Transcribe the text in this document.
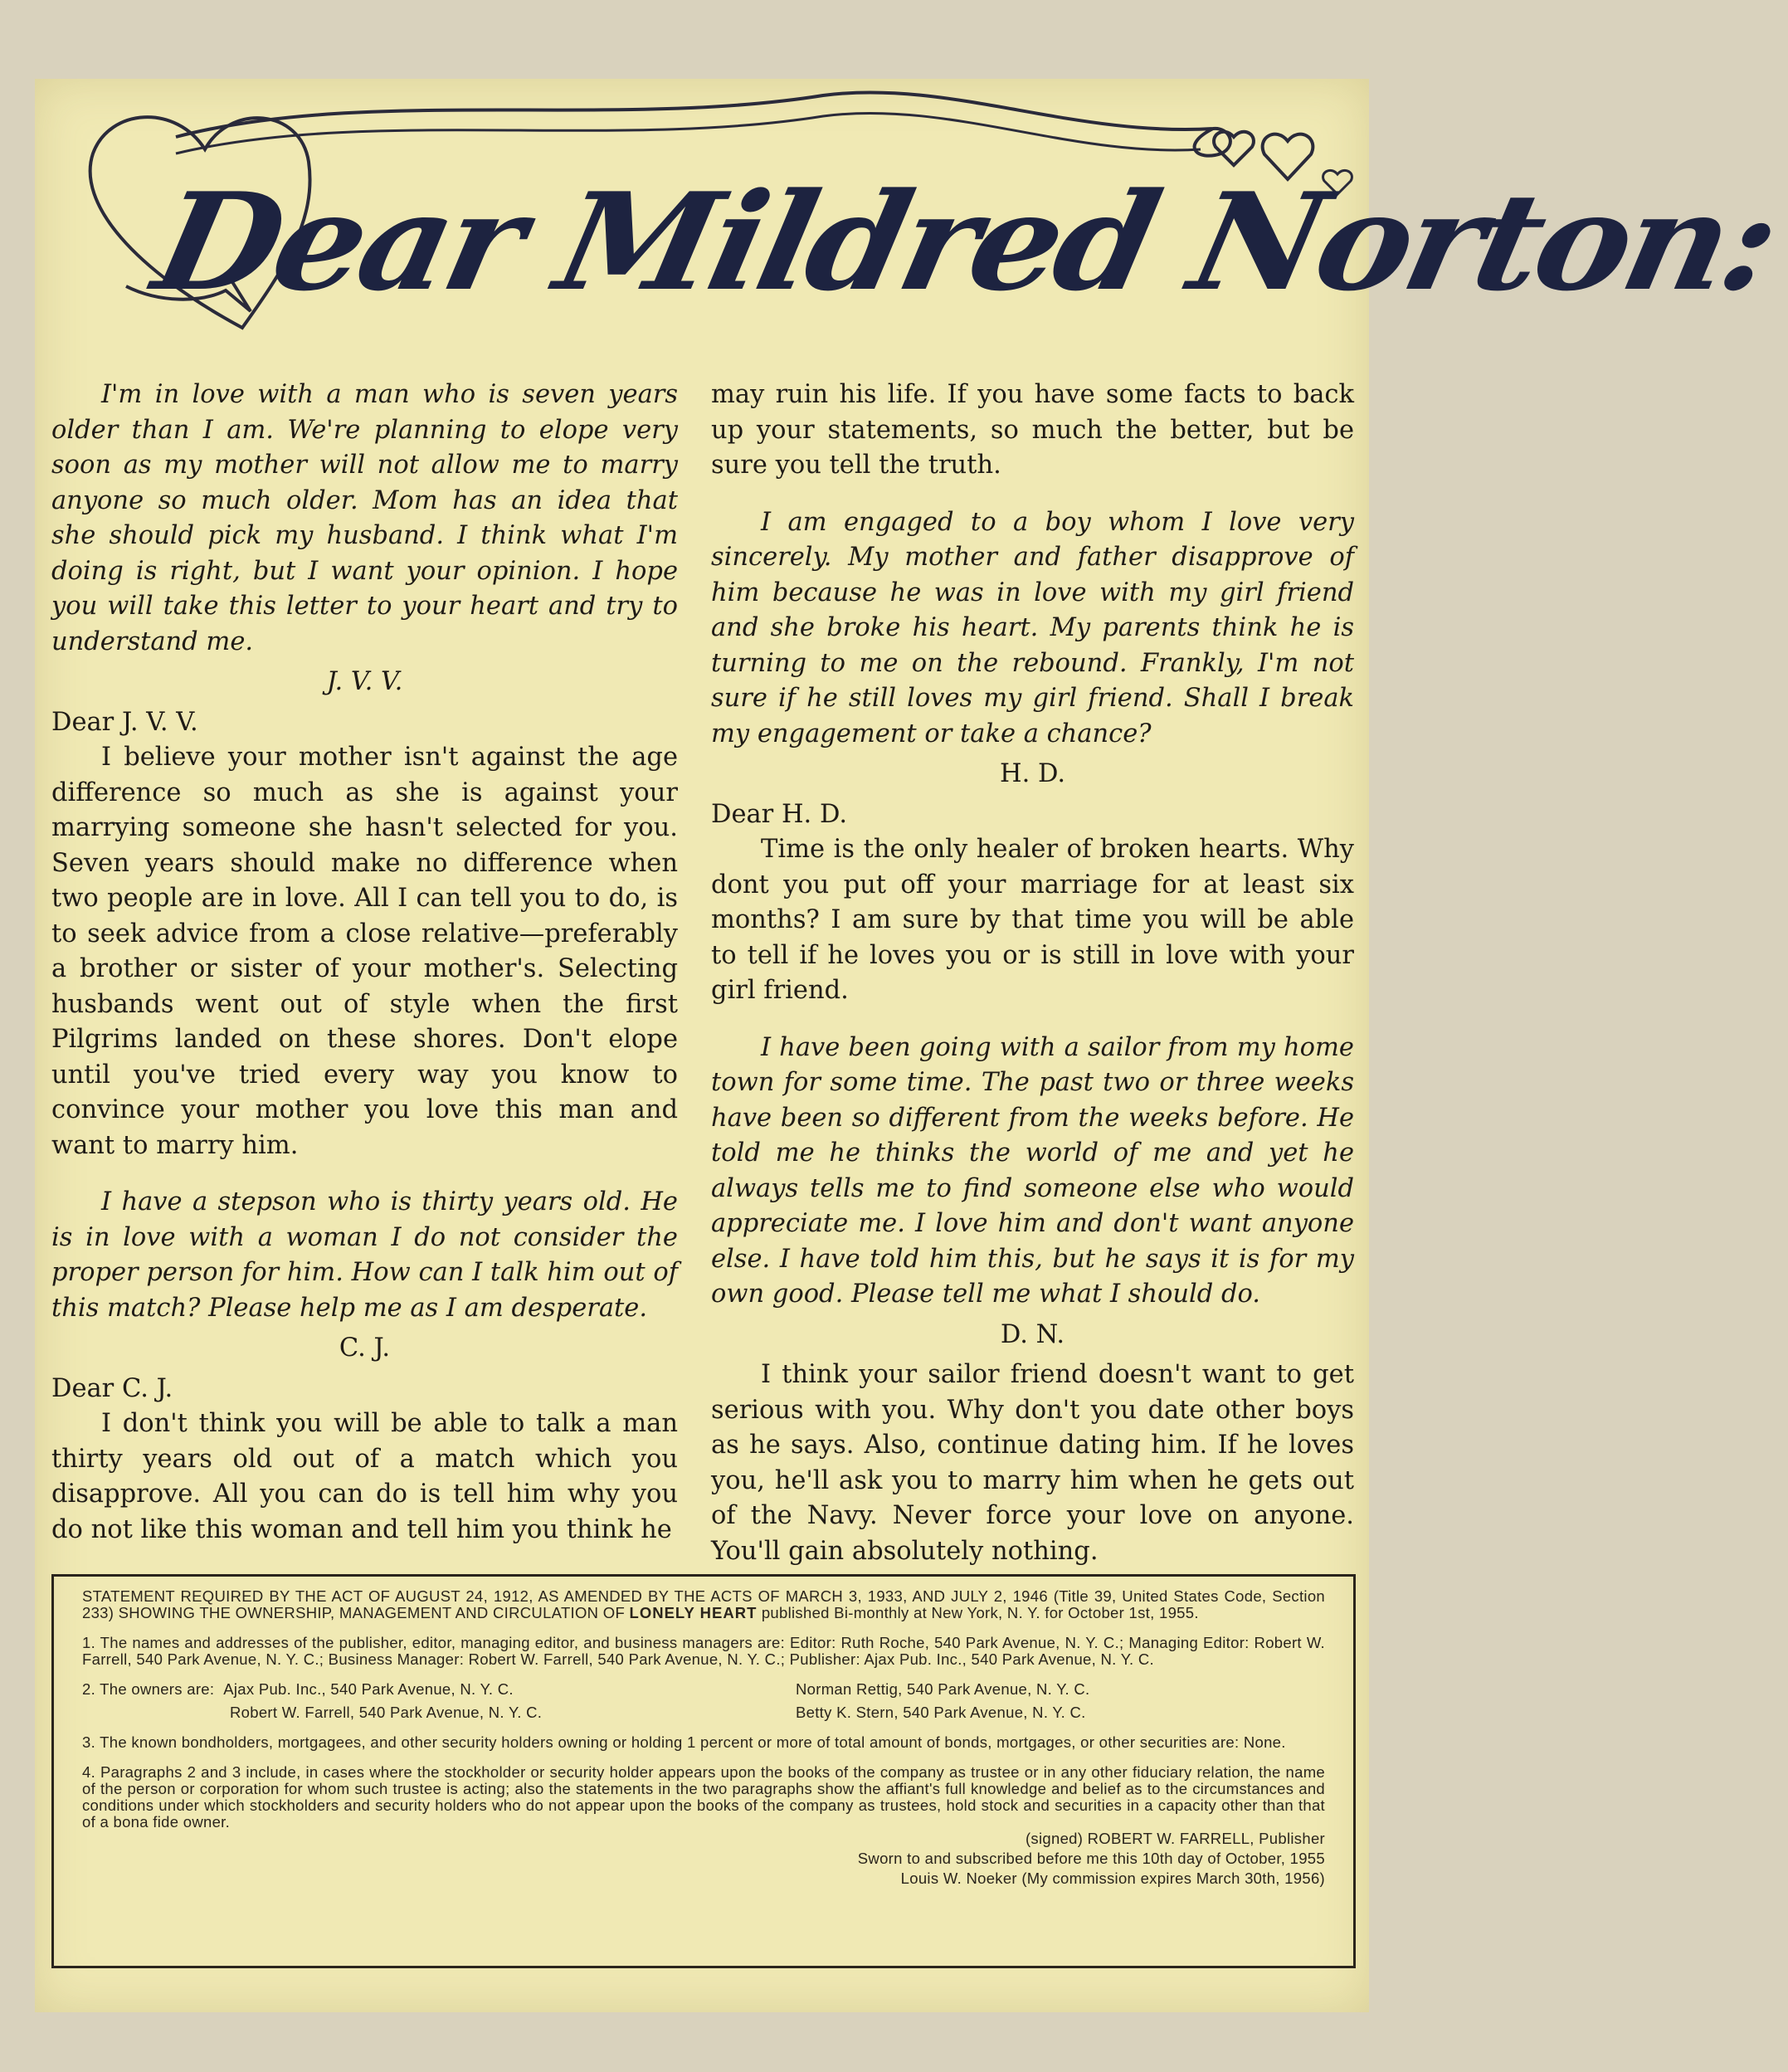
Dear Mildred Norton:

I'm in love with a man who is seven years older than I am. We're planning to elope very soon as my mother will not allow me to marry anyone so much older. Mom has an idea that she should pick my husband. I think what I'm doing is right, but I want your opinion. I hope you will take this letter to your heart and try to understand me.

J. V. V.
Dear J. V. V.

I believe your mother isn't against the age difference so much as she is against your marrying someone she hasn't selected for you. Seven years should make no difference when two people are in love. All I can tell you to do, is to seek advice from a close relative—preferably a brother or sister of your mother's. Selecting husbands went out of style when the first Pilgrims landed on these shores. Don't elope until you've tried every way you know to convince your mother you love this man and want to marry him.

I have a stepson who is thirty years old. He is in love with a woman I do not consider the proper person for him. How can I talk him out of this match? Please help me as I am desperate.

C. J.
Dear C. J.

I don't think you will be able to talk a man thirty years old out of a match which you disapprove. All you can do is tell him why you do not like this woman and tell him you think he

may ruin his life. If you have some facts to back up your statements, so much the better, but be sure you tell the truth.

I am engaged to a boy whom I love very sincerely. My mother and father disapprove of him because he was in love with my girl friend and she broke his heart. My parents think he is turning to me on the rebound. Frankly, I'm not sure if he still loves my girl friend. Shall I break my engagement or take a chance?

H. D.
Dear H. D.

Time is the only healer of broken hearts. Why dont you put off your marriage for at least six months? I am sure by that time you will be able to tell if he loves you or is still in love with your girl friend.

I have been going with a sailor from my home town for some time. The past two or three weeks have been so different from the weeks before. He told me he thinks the world of me and yet he always tells me to find someone else who would appreciate me. I love him and don't want anyone else. I have told him this, but he says it is for my own good. Please tell me what I should do.

D. N.

I think your sailor friend doesn't want to get serious with you. Why don't you date other boys as he says. Also, continue dating him. If he loves you, he'll ask you to marry him when he gets out of the Navy. Never force your love on anyone. You'll gain absolutely nothing.

STATEMENT REQUIRED BY THE ACT OF AUGUST 24, 1912, AS AMENDED BY THE ACTS OF MARCH 3, 1933, AND JULY 2, 1946 (Title 39, United States Code, Section 233) SHOWING THE OWNERSHIP, MANAGEMENT AND CIRCULATION OF LONELY HEART published Bi-monthly at New York, N. Y. for October 1st, 1955.
1. The names and addresses of the publisher, editor, managing editor, and business managers are: Editor: Ruth Roche, 540 Park Avenue, N. Y. C.; Managing Editor: Robert W. Farrell, 540 Park Avenue, N. Y. C.; Business Manager: Robert W. Farrell, 540 Park Avenue, N. Y. C.; Publisher: Ajax Pub. Inc., 540 Park Avenue, N. Y. C.
2. The owners are: Ajax Pub. Inc., 540 Park Avenue, N. Y. C.	Norman Rettig, 540 Park Avenue, N. Y. C.
Robert W. Farrell, 540 Park Avenue, N. Y. C.	Betty K. Stern, 540 Park Avenue, N. Y. C.
3. The known bondholders, mortgagees, and other security holders owning or holding 1 percent or more of total amount of bonds, mortgages, or other securities are: None.
4. Paragraphs 2 and 3 include, in cases where the stockholder or security holder appears upon the books of the company as trustee or in any other fiduciary relation, the name of the person or corporation for whom such trustee is acting; also the statements in the two paragraphs show the affiant's full knowledge and belief as to the circumstances and conditions under which stockholders and security holders who do not appear upon the books of the company as trustees, hold stock and securities in a capacity other than that of a bona fide owner.
(signed) ROBERT W. FARRELL, Publisher
Sworn to and subscribed before me this 10th day of October, 1955
Louis W. Noeker (My commission expires March 30th, 1956)
